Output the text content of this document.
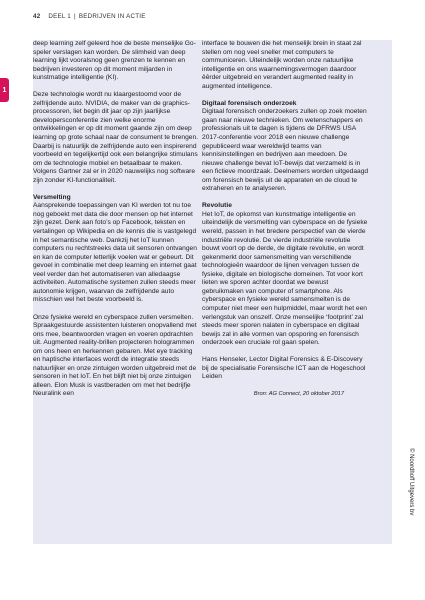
42 DEEL 1 | BEDRIJVEN IN ACTIE
1

deep learning zelf geleerd hoe de beste menselijke Go-speler verslagen kan worden. De slimheid van deep learning lijkt vooralsnog geen grenzen te kennen en bedrijven investeren op dit moment miljarden in kunstmatige intelligentie (KI).

Deze technologie wordt nu klaargestoomd voor de zelfrijdende auto. NVIDIA, de maker van de graphics-processoren, liet begin dit jaar op zijn jaarlijkse developersconferentie zien welke enorme ontwikkelingen er op dit moment gaande zijn om deep learning op grote schaal naar de consument te brengen. Daarbij is natuurlijk de zelfrijdende auto een inspirerend voorbeeld en tegelijkertijd ook een belangrijke stimulans om de technologie mobiel en betaalbaar te maken. Volgens Gartner zal er in 2020 nauwelijks nog software zijn zonder KI-functionaliteit.

Versmelting

Aansprekende toepassingen van KI werden tot nu toe nog geboekt met data die door mensen op het internet zijn gezet. Denk aan foto’s op Facebook, teksten en vertalingen op Wikipedia en de kennis die is vastgelegd in het semantische web. Dankzij het IoT kunnen computers nu rechtstreeks data uit sensoren ontvangen en kan de computer letterlijk voelen wat er gebeurt. Dit gevoel in combinatie met deep learning en internet gaat veel verder dan het automatiseren van alledaagse activiteiten. Automatische systemen zullen steeds meer autonomie krijgen, waarvan de zelfrijdende auto misschien wel het beste voorbeeld is.

Onze fysieke wereld en cyberspace zullen versmelten. Spraakgestuurde assistenten luisteren onopvallend met ons mee, beantwoorden vragen en voeren opdrachten uit. Augmented reality-brillen projecteren hologrammen om ons heen en herkennen gebaren. Met eye tracking en haptische interfaces wordt de integratie steeds natuurlijker en onze zintuigen worden uitgebreid met de sensoren in het IoT. En het blijft niet bij onze zintuigen alleen. Elon Musk is vastberaden om met het bedrijfje Neuralink een

interface te bouwen die het menselijk brein in staat zal stellen om nog veel sneller met computers te communiceren. Uiteindelijk worden onze natuurlijke intelligentie en ons waarnemingsvermogen daardoor êêrder uitgebreid en verandert augmented reality in augmented intelligence.

Digitaal forensisch onderzoek

Digitaal forensisch onderzoekers zullen op zoek moeten gaan naar nieuwe technieken. Om wetenschappers en professionals uit te dagen is tijdens de DFRWS USA 2017-conferentie voor 2018 een nieuwe challenge gepubliceerd waar wereldwijd teams van kennisinstellingen en bedrijven aan meedoen. De nieuwe challenge bevat IoT-bewijs dat verzameld is in een fictieve moordzaak. Deelnemers worden uitgedaagd om forensisch bewijs uit de apparaten en de cloud te extraheren en te analyseren.

Revolutie

Het IoT, de opkomst van kunstmatige intelligentie en uiteindelijk de versmelting van cyberspace en de fysieke wereld, passen in het bredere perspectief van de vierde industriële revolutie. De vierde industriële revolutie bouwt voort op de derde, de digitale revolutie, en wordt gekenmerkt door samensmelting van verschillende technologieën waardoor de lijnen vervagen tussen de fysieke, digitale en biologische domeinen. Tot voor kort lieten we sporen achter doordat we bewust gebruikmaken van computer of smartphone. Als cyberspace en fysieke wereld samensmelten is de computer niet meer een hulpmiddel, maar wordt het een verlengstuk van onszelf. Onze menselijke ‘footprint’ zal steeds meer sporen nalaten in cyberspace en digitaal bewijs zal in alle vormen van opsporing en forensisch onderzoek een cruciale rol gaan spelen.

Hans Henseler, Lector Digital Forensics & E-Discovery bij de specialisatie Forensische ICT aan de Hogeschool Leiden

Bron: AG Connect, 20 oktober 2017
© Noordhoff Uitgevers bv
